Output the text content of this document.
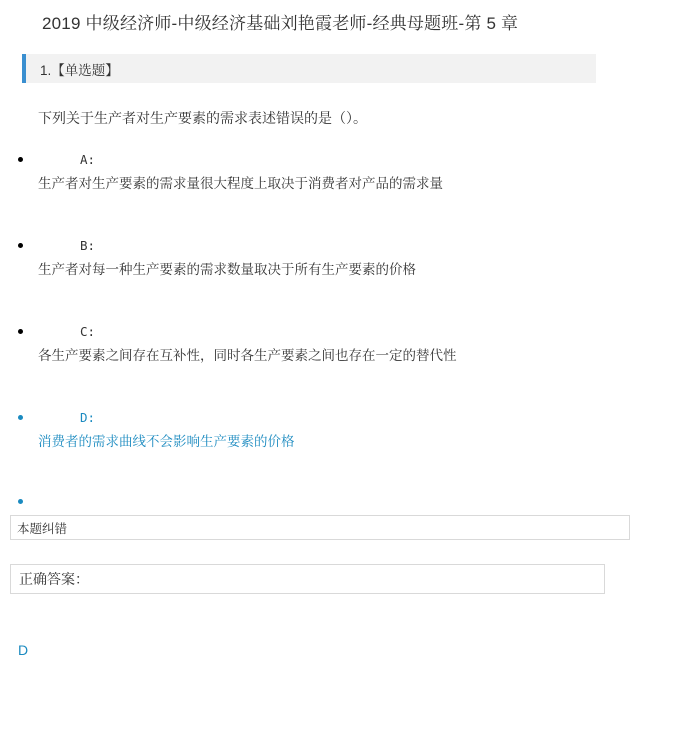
2019 中级经济师-中级经济基础刘艳霞老师-经典母题班-第 5 章
1.【单选题】
下列关于生产者对生产要素的需求表述错误的是（）。
A:
生产者对生产要素的需求量很大程度上取决于消费者对产品的需求量
B:
生产者对每一种生产要素的需求数量取决于所有生产要素的价格
C:
各生产要素之间存在互补性，同时各生产要素之间也存在一定的替代性
D:
消费者的需求曲线不会影响生产要素的价格
本题纠错
正确答案：
D
